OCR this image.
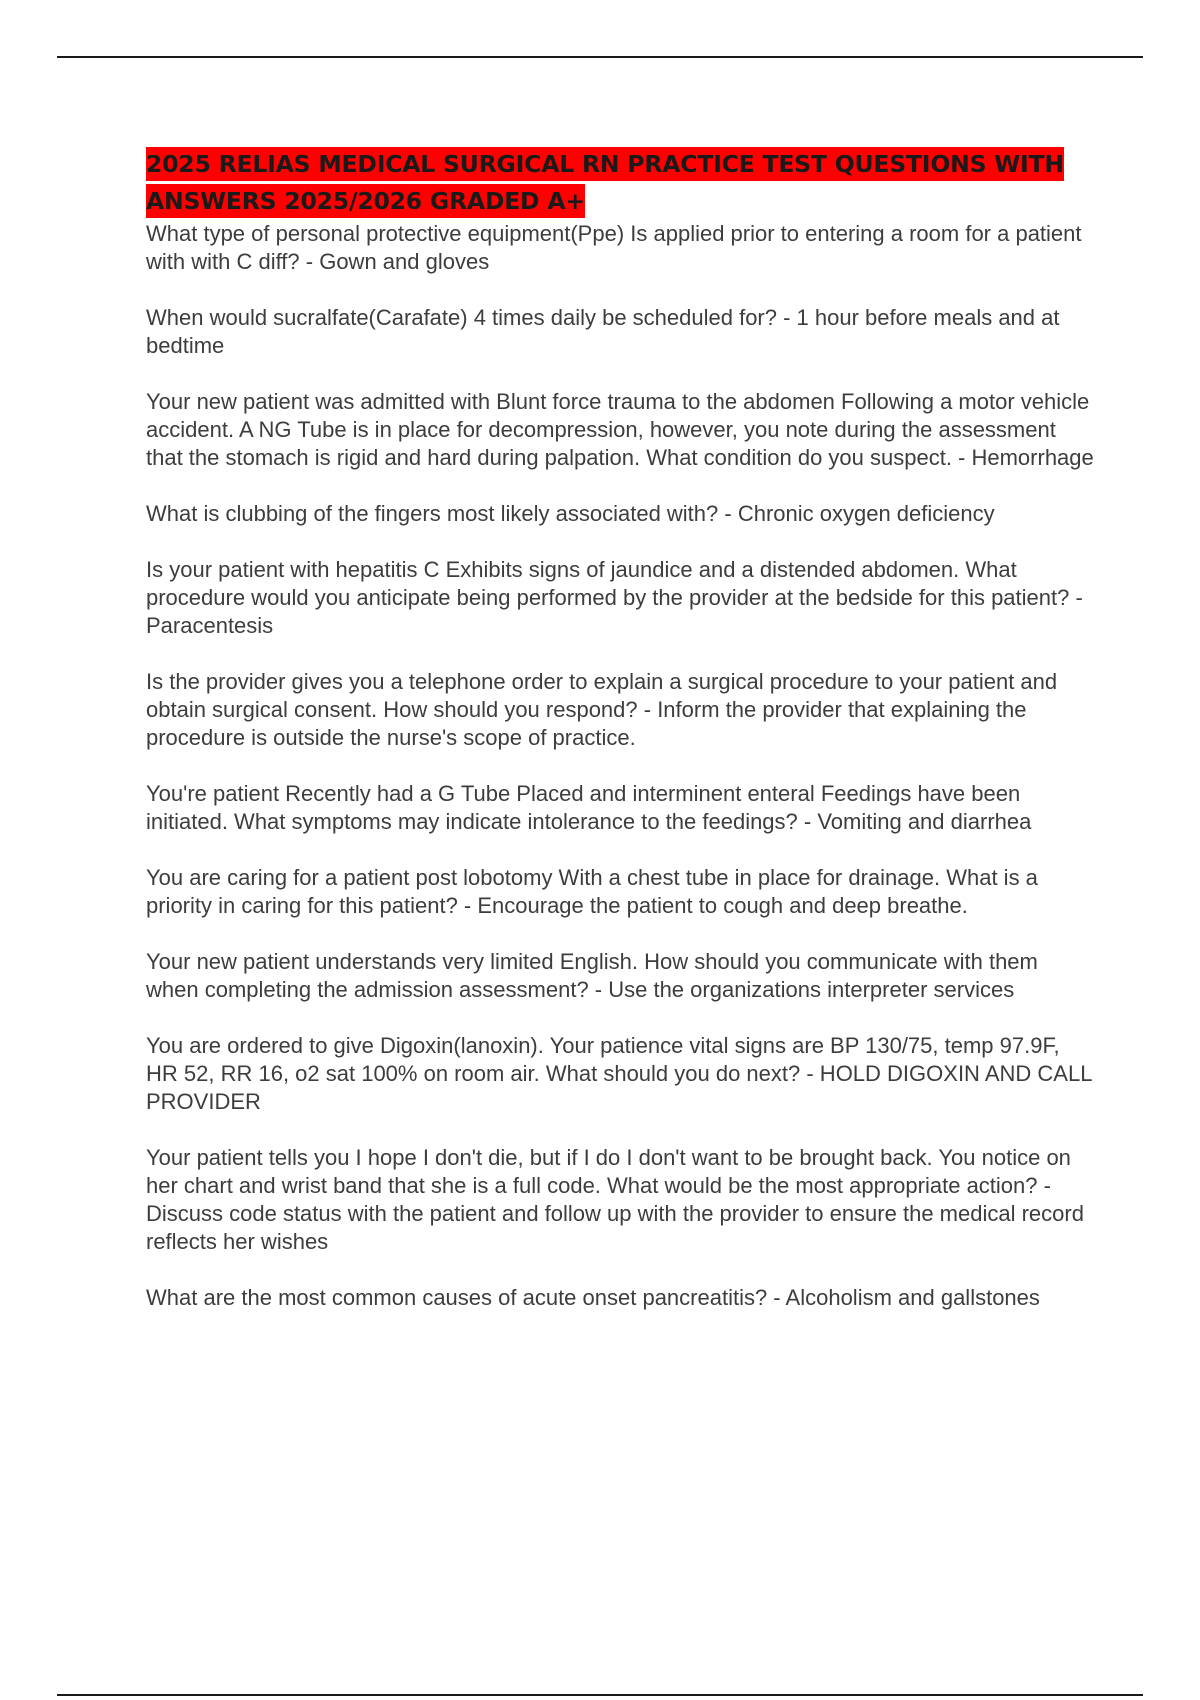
2025 RELIAS MEDICAL SURGICAL RN PRACTICE TEST QUESTIONS WITH ANSWERS 2025/2026 GRADED A+
What type of personal protective equipment(Ppe) Is applied prior to entering a room for a patient with with C diff? - Gown and gloves
When would sucralfate(Carafate) 4 times daily be scheduled for? - 1 hour before meals and at bedtime
Your new patient was admitted with Blunt force trauma to the abdomen Following a motor vehicle accident. A NG Tube is in place for decompression, however, you note during the assessment that the stomach is rigid and hard during palpation. What condition do you suspect. - Hemorrhage
What is clubbing of the fingers most likely associated with? - Chronic oxygen deficiency
Is your patient with hepatitis C Exhibits signs of jaundice and a distended abdomen. What procedure would you anticipate being performed by the provider at the bedside for this patient? - Paracentesis
Is the provider gives you a telephone order to explain a surgical procedure to your patient and obtain surgical consent. How should you respond? - Inform the provider that explaining the procedure is outside the nurse's scope of practice.
You're patient Recently had a G Tube Placed and interminent enteral Feedings have been initiated. What symptoms may indicate intolerance to the feedings? - Vomiting and diarrhea
You are caring for a patient post lobotomy With a chest tube in place for drainage. What is a priority in caring for this patient? - Encourage the patient to cough and deep breathe.
Your new patient understands very limited English. How should you communicate with them when completing the admission assessment? - Use the organizations interpreter services
You are ordered to give Digoxin(lanoxin). Your patience vital signs are BP 130/75, temp 97.9F, HR 52, RR 16, o2 sat 100% on room air. What should you do next? - HOLD DIGOXIN AND CALL PROVIDER
Your patient tells you I hope I don't die, but if I do I don't want to be brought back. You notice on her chart and wrist band that she is a full code. What would be the most appropriate action? - Discuss code status with the patient and follow up with the provider to ensure the medical record reflects her wishes
What are the most common causes of acute onset pancreatitis? - Alcoholism and gallstones
